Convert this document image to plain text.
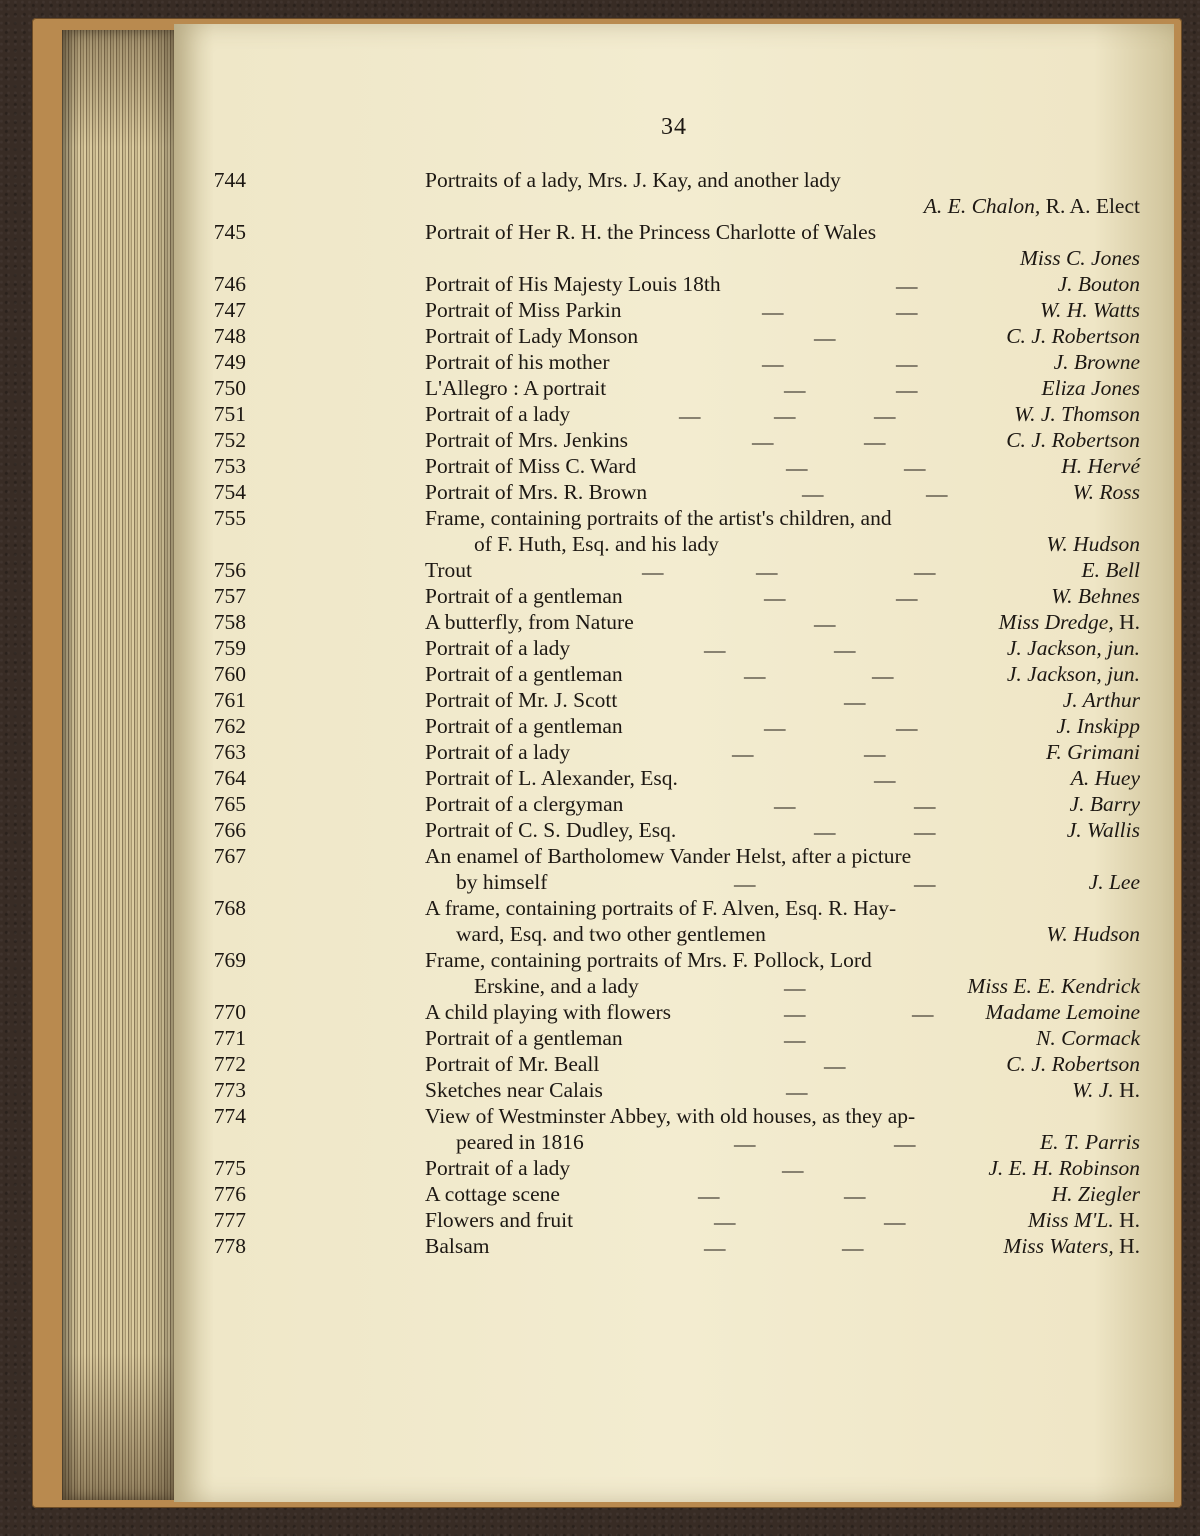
34
744	Portraits of a lady, Mrs. J. Kay, and another lady
A. E. Chalon, R. A. Elect
745	Portrait of Her R. H. the Princess Charlotte of Wales
Miss C. Jones
746	Portrait of His Majesty Louis 18th	—	J. Bouton
747	Portrait of Miss Parkin	—	—	W. H. Watts
748	Portrait of Lady Monson	—	C. J. Robertson
749	Portrait of his mother	—	—	J. Browne
750	L'Allegro : A portrait	—	—	Eliza Jones
751	Portrait of a lady	—	—	—	W. J. Thomson
752	Portrait of Mrs. Jenkins	—	—	C. J. Robertson
753	Portrait of Miss C. Ward	—	—	H. Hervé
754	Portrait of Mrs. R. Brown	—	—	W. Ross
755	Frame, containing portraits of the artist's children, and
of F. Huth, Esq. and his lady	W. Hudson
756	Trout	—	—	—	E. Bell
757	Portrait of a gentleman	—	—	W. Behnes
758	A butterfly, from Nature	—	Miss Dredge, H.
759	Portrait of a lady	—	—	J. Jackson, jun.
760	Portrait of a gentleman	—	—	J. Jackson, jun.
761	Portrait of Mr. J. Scott	—	J. Arthur
762	Portrait of a gentleman	—	—	J. Inskipp
763	Portrait of a lady	—	—	F. Grimani
764	Portrait of L. Alexander, Esq.	—	A. Huey
765	Portrait of a clergyman	—	—	J. Barry
766	Portrait of C. S. Dudley, Esq.	—	—	J. Wallis
767	An enamel of Bartholomew Vander Helst, after a picture
by himself	—	—	J. Lee
768	A frame, containing portraits of F. Alven, Esq. R. Hay-
ward, Esq. and two other gentlemen	W. Hudson
769	Frame, containing portraits of Mrs. F. Pollock, Lord
Erskine, and a lady	—	Miss E. E. Kendrick
770	A child playing with flowers	—	— Madame Lemoine
771	Portrait of a gentleman	—	N. Cormack
772	Portrait of Mr. Beall	—	C. J. Robertson
773	Sketches near Calais	—	W. J. H.
774	View of Westminster Abbey, with old houses, as they ap-
peared in 1816	—	—	E. T. Parris
775	Portrait of a lady	—	J. E. H. Robinson
776	A cottage scene	—	—	H. Ziegler
777	Flowers and fruit	—	—	Miss M'L. H.
778	Balsam	—	—	Miss Waters, H.
